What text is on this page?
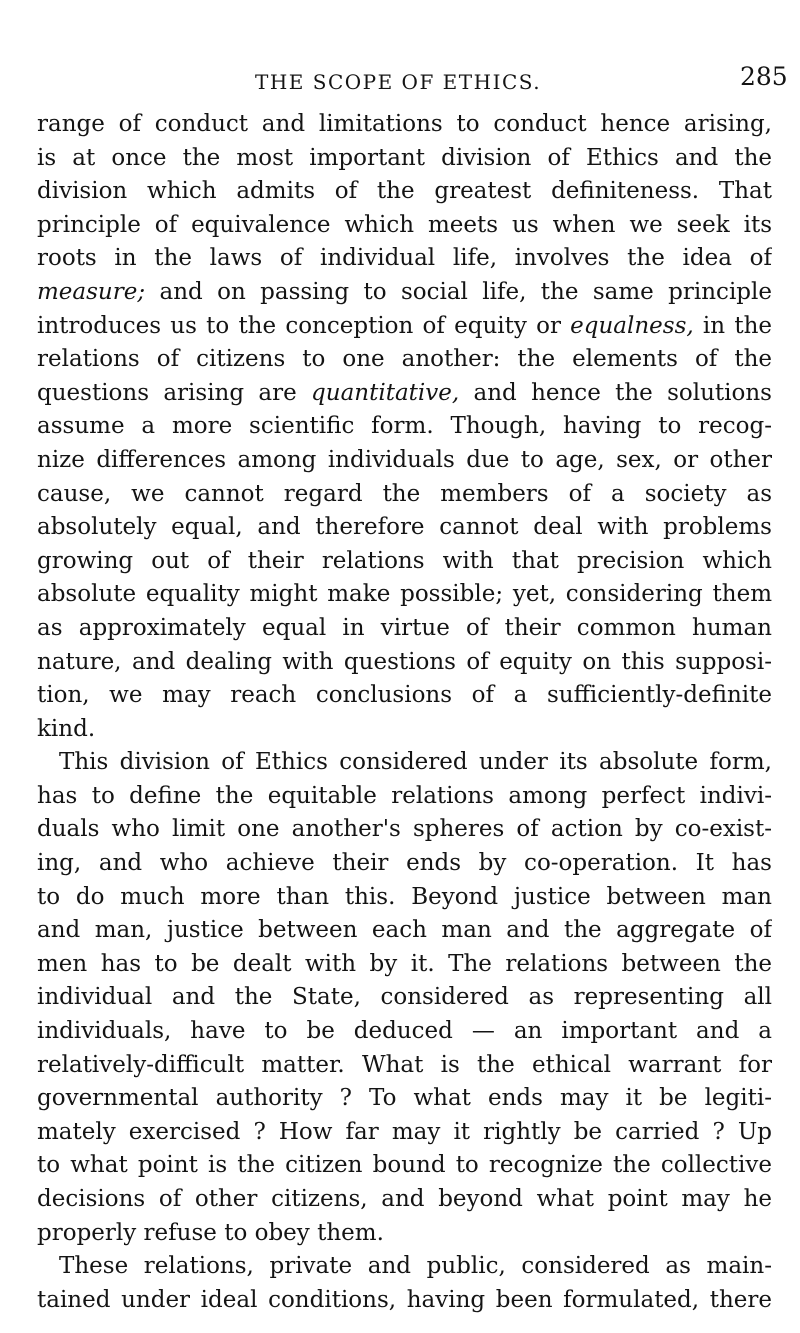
THE SCOPE OF ETHICS.	285
range of conduct and limitations to conduct hence arising,
is at once the most important division of Ethics and the
division which admits of the greatest definiteness. That
principle of equivalence which meets us when we seek its
roots in the laws of individual life, involves the idea of
measure; and on passing to social life, the same principle
introduces us to the conception of equity or equalness, in the
relations of citizens to one another: the elements of the
questions arising are quantitative, and hence the solutions
assume a more scientific form. Though, having to recog-
nize differences among individuals due to age, sex, or other
cause, we cannot regard the members of a society as
absolutely equal, and therefore cannot deal with problems
growing out of their relations with that precision which
absolute equality might make possible; yet, considering them
as approximately equal in virtue of their common human
nature, and dealing with questions of equity on this supposi-
tion, we may reach conclusions of a sufficiently-definite
kind.
This division of Ethics considered under its absolute form,
has to define the equitable relations among perfect indivi-
duals who limit one another's spheres of action by co-exist-
ing, and who achieve their ends by co-operation. It has
to do much more than this. Beyond justice between man
and man, justice between each man and the aggregate of
men has to be dealt with by it. The relations between the
individual and the State, considered as representing all
individuals, have to be deduced — an important and a
relatively-difficult matter. What is the ethical warrant for
governmental authority ? To what ends may it be legiti-
mately exercised ? How far may it rightly be carried ? Up
to what point is the citizen bound to recognize the collective
decisions of other citizens, and beyond what point may he
properly refuse to obey them.
These relations, private and public, considered as main-
tained under ideal conditions, having been formulated, there
